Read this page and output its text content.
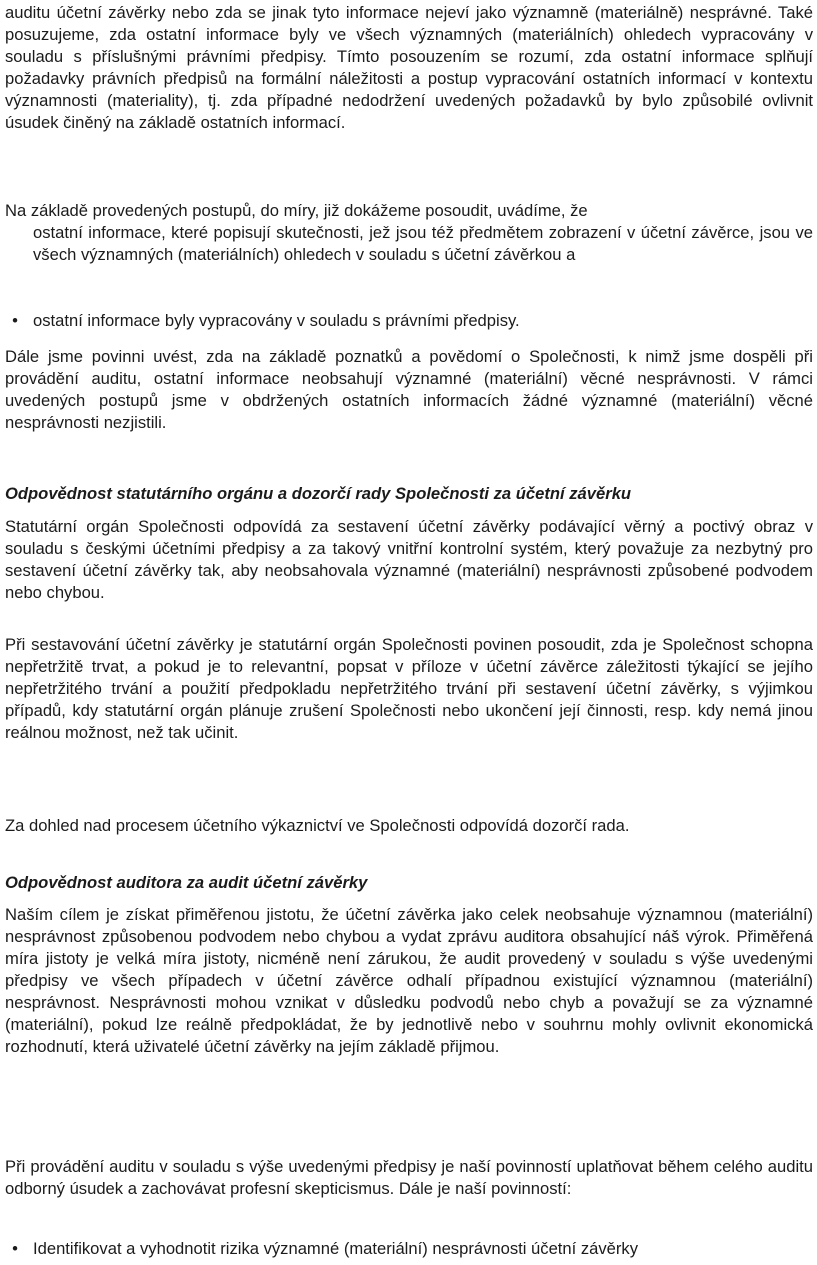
auditu účetní závěrky nebo zda se jinak tyto informace nejeví jako významně (materiálně) nesprávné. Také posuzujeme, zda ostatní informace byly ve všech významných (materiálních) ohledech vypracovány v souladu s příslušnými právními předpisy. Tímto posouzením se rozumí, zda ostatní informace splňují požadavky právních předpisů na formální náležitosti a postup vypracování ostatních informací v kontextu významnosti (materiality), tj. zda případné nedodržení uvedených požadavků by bylo způsobilé ovlivnit úsudek činěný na základě ostatních informací.

Na základě provedených postupů, do míry, již dokážeme posoudit, uvádíme, že

ostatní informace, které popisují skutečnosti, jež jsou též předmětem zobrazení v účetní závěrce, jsou ve všech významných (materiálních) ohledech v souladu s účetní závěrkou a

• ostatní informace byly vypracovány v souladu s právními předpisy.

Dále jsme povinni uvést, zda na základě poznatků a povědomí o Společnosti, k nimž jsme dospěli při provádění auditu, ostatní informace neobsahují významné (materiální) věcné nesprávnosti. V rámci uvedených postupů jsme v obdržených ostatních informacích žádné významné (materiální) věcné nesprávnosti nezjistili.

Odpovědnost statutárního orgánu a dozorčí rady Společnosti za účetní závěrku

Statutární orgán Společnosti odpovídá za sestavení účetní závěrky podávající věrný a poctivý obraz v souladu s českými účetními předpisy a za takový vnitřní kontrolní systém, který považuje za nezbytný pro sestavení účetní závěrky tak, aby neobsahovala významné (materiální) nesprávnosti způsobené podvodem nebo chybou.

Při sestavování účetní závěrky je statutární orgán Společnosti povinen posoudit, zda je Společnost schopna nepřetržitě trvat, a pokud je to relevantní, popsat v příloze v účetní závěrce záležitosti týkající se jejího nepřetržitého trvání a použití předpokladu nepřetržitého trvání při sestavení účetní závěrky, s výjimkou případů, kdy statutární orgán plánuje zrušení Společnosti nebo ukončení její činnosti, resp. kdy nemá jinou reálnou možnost, než tak učinit.

Za dohled nad procesem účetního výkaznictví ve Společnosti odpovídá dozorčí rada.

Odpovědnost auditora za audit účetní závěrky

Naším cílem je získat přiměřenou jistotu, že účetní závěrka jako celek neobsahuje významnou (materiální) nesprávnost způsobenou podvodem nebo chybou a vydat zprávu auditora obsahující náš výrok. Přiměřená míra jistoty je velká míra jistoty, nicméně není zárukou, že audit provedený v souladu s výše uvedenými předpisy ve všech případech v účetní závěrce odhalí případnou existující významnou (materiální) nesprávnost. Nesprávnosti mohou vznikat v důsledku podvodů nebo chyb a považují se za významné (materiální), pokud lze reálně předpokládat, že by jednotlivě nebo v souhrnu mohly ovlivnit ekonomická rozhodnutí, která uživatelé účetní závěrky na jejím základě přijmou.

Při provádění auditu v souladu s výše uvedenými předpisy je naší povinností uplatňovat během celého auditu odborný úsudek a zachovávat profesní skepticismus. Dále je naší povinností:

• Identifikovat a vyhodnotit rizika významné (materiální) nesprávnosti účetní závěrky
